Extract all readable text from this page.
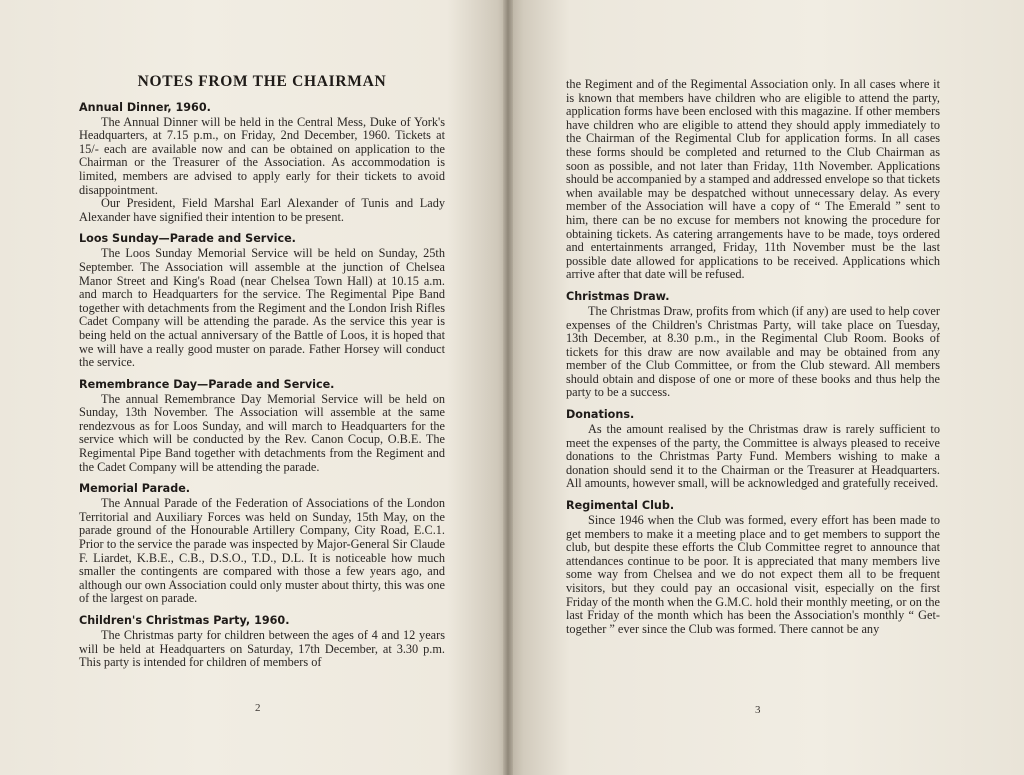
NOTES FROM THE CHAIRMAN
Annual Dinner, 1960.

The Annual Dinner will be held in the Central Mess, Duke of York's Headquarters, at 7.15 p.m., on Friday, 2nd December, 1960. Tickets at 15/- each are available now and can be obtained on application to the Chairman or the Treasurer of the Association. As accommodation is limited, members are advised to apply early for their tickets to avoid disappointment.

Our President, Field Marshal Earl Alexander of Tunis and Lady Alexander have signified their intention to be present.

Loos Sunday—Parade and Service.

The Loos Sunday Memorial Service will be held on Sunday, 25th September. The Association will assemble at the junction of Chelsea Manor Street and King's Road (near Chelsea Town Hall) at 10.15 a.m. and march to Headquarters for the service. The Regimental Pipe Band together with detachments from the Regiment and the London Irish Rifles Cadet Company will be attending the parade. As the service this year is being held on the actual anniversary of the Battle of Loos, it is hoped that we will have a really good muster on parade. Father Horsey will conduct the service.

Remembrance Day—Parade and Service.

The annual Remembrance Day Memorial Service will be held on Sunday, 13th November. The Association will assemble at the same rendezvous as for Loos Sunday, and will march to Headquarters for the service which will be conducted by the Rev. Canon Cocup, O.B.E. The Regimental Pipe Band together with detachments from the Regiment and the Cadet Company will be attending the parade.

Memorial Parade.

The Annual Parade of the Federation of Associations of the London Territorial and Auxiliary Forces was held on Sunday, 15th May, on the parade ground of the Honourable Artillery Company, City Road, E.C.1. Prior to the service the parade was inspected by Major-General Sir Claude F. Liardet, K.B.E., C.B., D.S.O., T.D., D.L. It is noticeable how much smaller the contingents are compared with those a few years ago, and although our own Association could only muster about thirty, this was one of the largest on parade.

Children's Christmas Party, 1960.

The Christmas party for children between the ages of 4 and 12 years will be held at Headquarters on Saturday, 17th December, at 3.30 p.m. This party is intended for children of members of

2

the Regiment and of the Regimental Association only. In all cases where it is known that members have children who are eligible to attend the party, application forms have been enclosed with this magazine. If other members have children who are eligible to attend they should apply immediately to the Chairman of the Regimental Club for application forms. In all cases these forms should be completed and returned to the Club Chairman as soon as possible, and not later than Friday, 11th November. Applications should be accompanied by a stamped and addressed envelope so that tickets when available may be despatched without unnecessary delay. As every member of the Association will have a copy of “ The Emerald ” sent to him, there can be no excuse for members not knowing the procedure for obtaining tickets. As catering arrangements have to be made, toys ordered and entertainments arranged, Friday, 11th November must be the last possible date allowed for applications to be received. Applications which arrive after that date will be refused.

Christmas Draw.

The Christmas Draw, profits from which (if any) are used to help cover expenses of the Children's Christmas Party, will take place on Tuesday, 13th December, at 8.30 p.m., in the Regimental Club Room. Books of tickets for this draw are now available and may be obtained from any member of the Club Committee, or from the Club steward. All members should obtain and dispose of one or more of these books and thus help the party to be a success.

Donations.

As the amount realised by the Christmas draw is rarely sufficient to meet the expenses of the party, the Committee is always pleased to receive donations to the Christmas Party Fund. Members wishing to make a donation should send it to the Chairman or the Treasurer at Headquarters. All amounts, however small, will be acknowledged and gratefully received.

Regimental Club.

Since 1946 when the Club was formed, every effort has been made to get members to make it a meeting place and to get members to support the club, but despite these efforts the Club Committee regret to announce that attendances continue to be poor. It is appreciated that many members live some way from Chelsea and we do not expect them all to be frequent visitors, but they could pay an occasional visit, especially on the first Friday of the month when the G.M.C. hold their monthly meeting, or on the last Friday of the month which has been the Association's monthly “ Get-together ” ever since the Club was formed. There cannot be any

3
